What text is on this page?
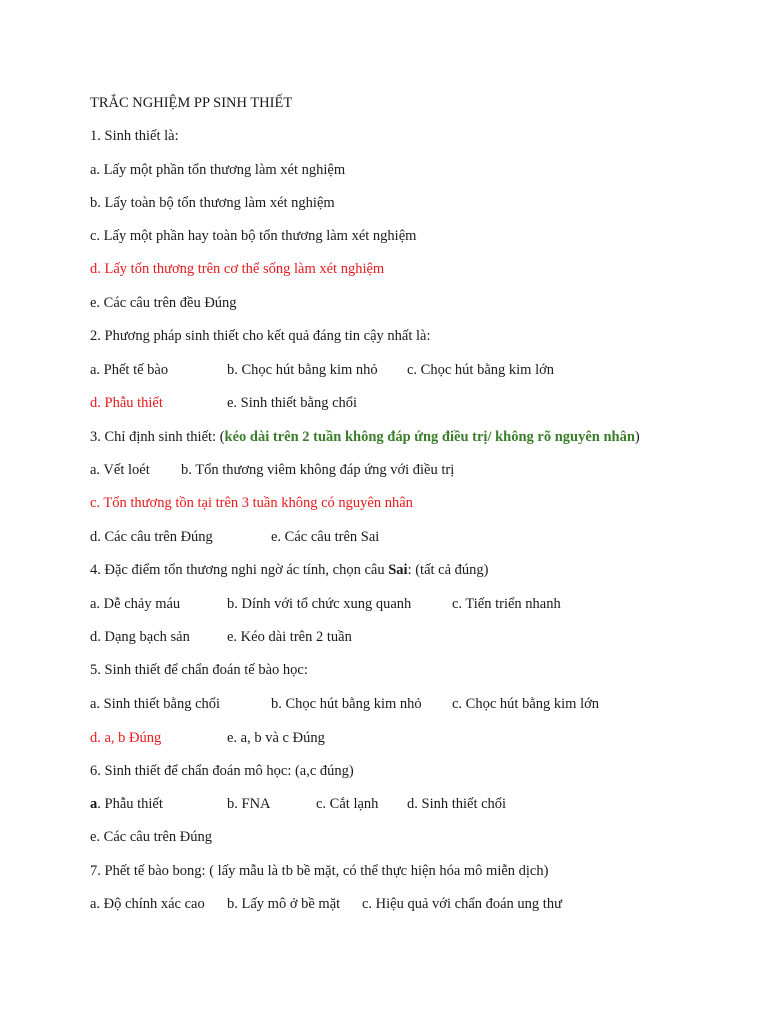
TRẮC NGHIỆM PP SINH THIẾT
1. Sinh thiết là:
a. Lấy một phần tổn thương làm xét nghiệm
b. Lấy toàn bộ tổn thương làm xét nghiệm
c. Lấy một phần hay toàn bộ tổn thương làm xét nghiệm
d. Lấy tổn thương trên cơ thể sống làm xét nghiệm
e. Các câu trên đều Đúng
2. Phương pháp sinh thiết cho kết quả đáng tin cậy nhất là:
a. Phết tế bào	b. Chọc hút bằng kim nhỏ c. Chọc hút bằng kim lớn
d. Phẫu thiết	e. Sinh thiết bằng chổi
3. Chỉ định sinh thiết: (kéo dài trên 2 tuần không đáp ứng điều trị/ không rõ nguyên nhân)
a. Vết loét b. Tổn thương viêm không đáp ứng với điều trị
c. Tổn thương tồn tại trên 3 tuần không có nguyên nhân
d. Các câu trên Đúng	e. Các câu trên Sai
4. Đặc điểm tổn thương nghi ngờ ác tính, chọn câu Sai: (tất cả đúng)
a. Dễ chảy máu	b. Dính với tổ chức xung quanh	c. Tiến triển nhanh
d. Dạng bạch sản	e. Kéo dài trên 2 tuần
5. Sinh thiết để chẩn đoán tế bào học:
a. Sinh thiết bằng chổi	b. Chọc hút bằng kim nhỏ c. Chọc hút bằng kim lớn
d. a, b Đúng	e. a, b và c Đúng
6. Sinh thiết để chẩn đoán mô học: (a,c đúng)
a. Phẫu thiết	b. FNA	c. Cắt lạnh d. Sinh thiết chổi
e. Các câu trên Đúng
7. Phết tế bào bong: ( lấy mẫu là tb bề mặt, có thể thực hiện hóa mô miễn dịch)
a. Độ chính xác cao b. Lấy mô ở bề mặt c. Hiệu quả với chẩn đoán ung thư
